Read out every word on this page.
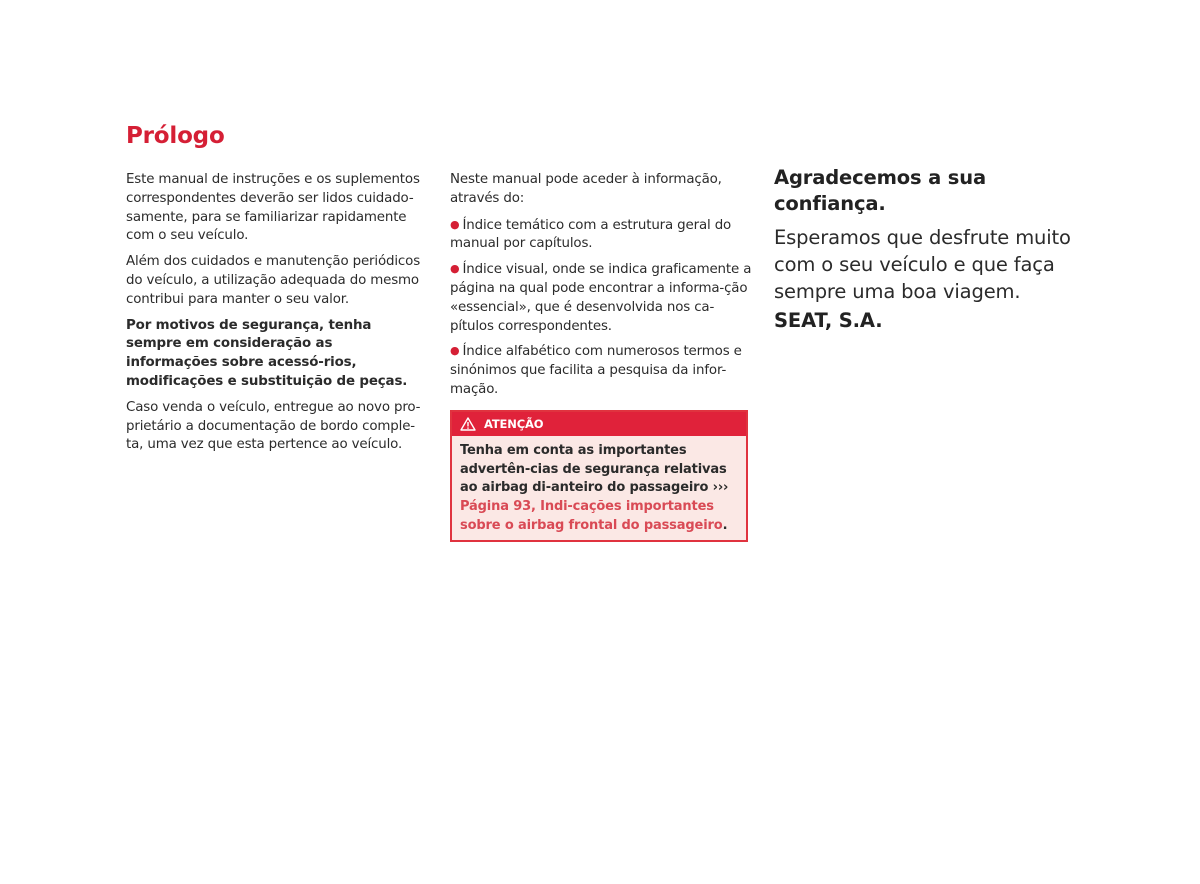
Prólogo

Este manual de instruções e os suplementos correspondentes deverão ser lidos cuidado-samente, para se familiarizar rapidamente com o seu veículo.

Além dos cuidados e manutenção periódicos do veículo, a utilização adequada do mesmo contribui para manter o seu valor.

Por motivos de segurança, tenha sempre em consideração as informações sobre acessó-rios, modificações e substituição de peças.

Caso venda o veículo, entregue ao novo pro-prietário a documentação de bordo comple-ta, uma vez que esta pertence ao veículo.

Neste manual pode aceder à informação, através do:

● Índice temático com a estrutura geral do manual por capítulos.
● Índice visual, onde se indica graficamente a página na qual pode encontrar a informa-ção «essencial», que é desenvolvida nos ca-pítulos correspondentes.
● Índice alfabético com numerosos termos e sinónimos que facilita a pesquisa da infor-mação.
ATENÇÃO
Tenha em conta as importantes advertên-cias de segurança relativas ao airbag di-anteiro do passageiro ››› Página 93, Indi-cações importantes sobre o airbag frontal do passageiro.

Agradecemos a sua confiança.

Esperamos que desfrute muito com o seu veículo e que faça sempre uma boa viagem.

SEAT, S.A.
